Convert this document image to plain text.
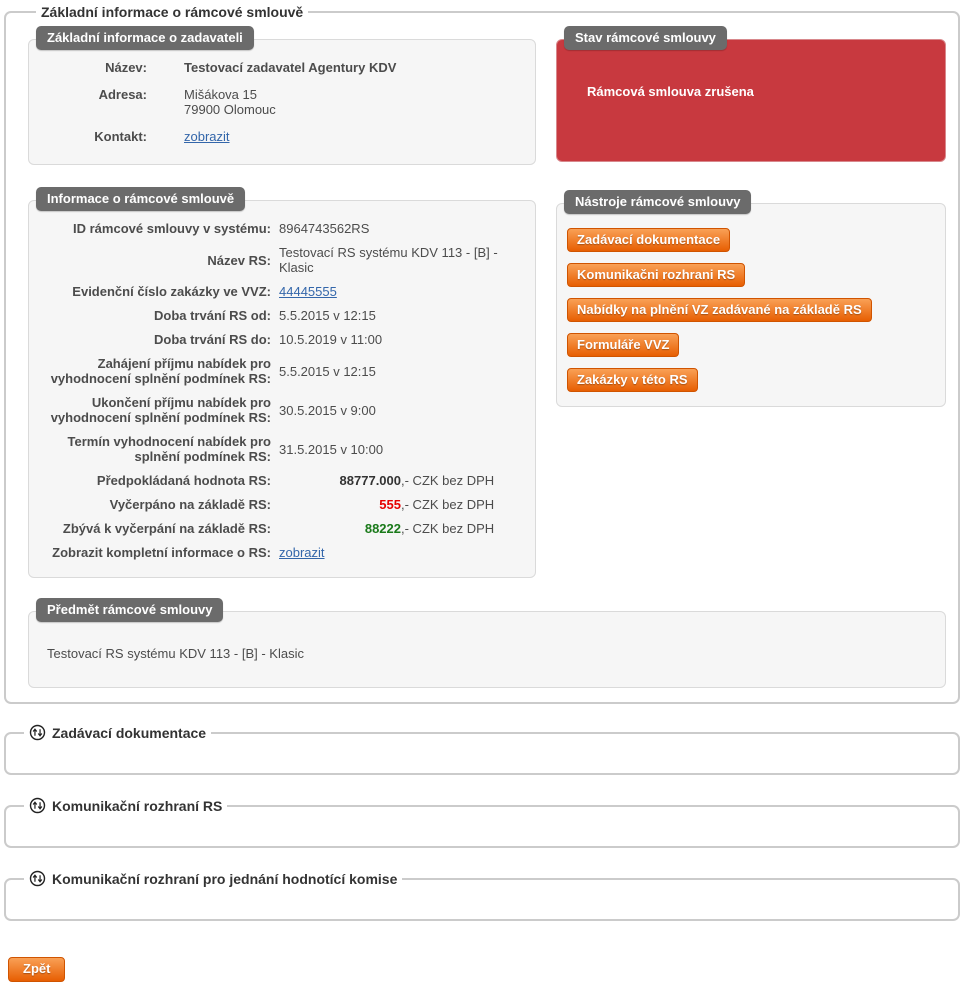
Základní informace o rámcové smlouvě
Základní informace o zadavateli
Název:	Testovací zadavatel Agentury KDV
Adresa:	Mišákova 15
79900 Olomouc
Kontakt:	zobrazit
Informace o rámcové smlouvě
ID rámcové smlouvy v systému: 8964743562RS
Název RS: Testovací RS systému KDV 113 - [B] - Klasic
Evidenční číslo zakázky ve VVZ: 44445555
Doba trvání RS od: 5.5.2015 v 12:15
Doba trvání RS do: 10.5.2019 v 11:00
Zahájení příjmu nabídek pro vyhodnocení splnění podmínek RS: 5.5.2015 v 12:15
Ukončení příjmu nabídek pro vyhodnocení splnění podmínek RS: 30.5.2015 v 9:00
Termín vyhodnocení nabídek pro splnění podmínek RS: 31.5.2015 v 10:00
Předpokládaná hodnota RS:	88777.000,- CZK bez DPH
Vyčerpáno na základě RS:	555,- CZK bez DPH
Zbývá k vyčerpání na základě RS:	88222,- CZK bez DPH
Zobrazit kompletní informace o RS: zobrazit
Stav rámcové smlouvy
Rámcová smlouva zrušena
Nástroje rámcové smlouvy
Zadávací dokumentace
Komunikačni rozhrani RS
Nabídky na plnění VZ zadávané na základě RS
Formuláře VVZ
Zakázky v této RS
Předmět rámcové smlouvy
Testovací RS systému KDV 113 - [B] - Klasic
Zadávací dokumentace
Komunikační rozhraní RS
Komunikační rozhraní pro jednání hodnotící komise
Zpět
